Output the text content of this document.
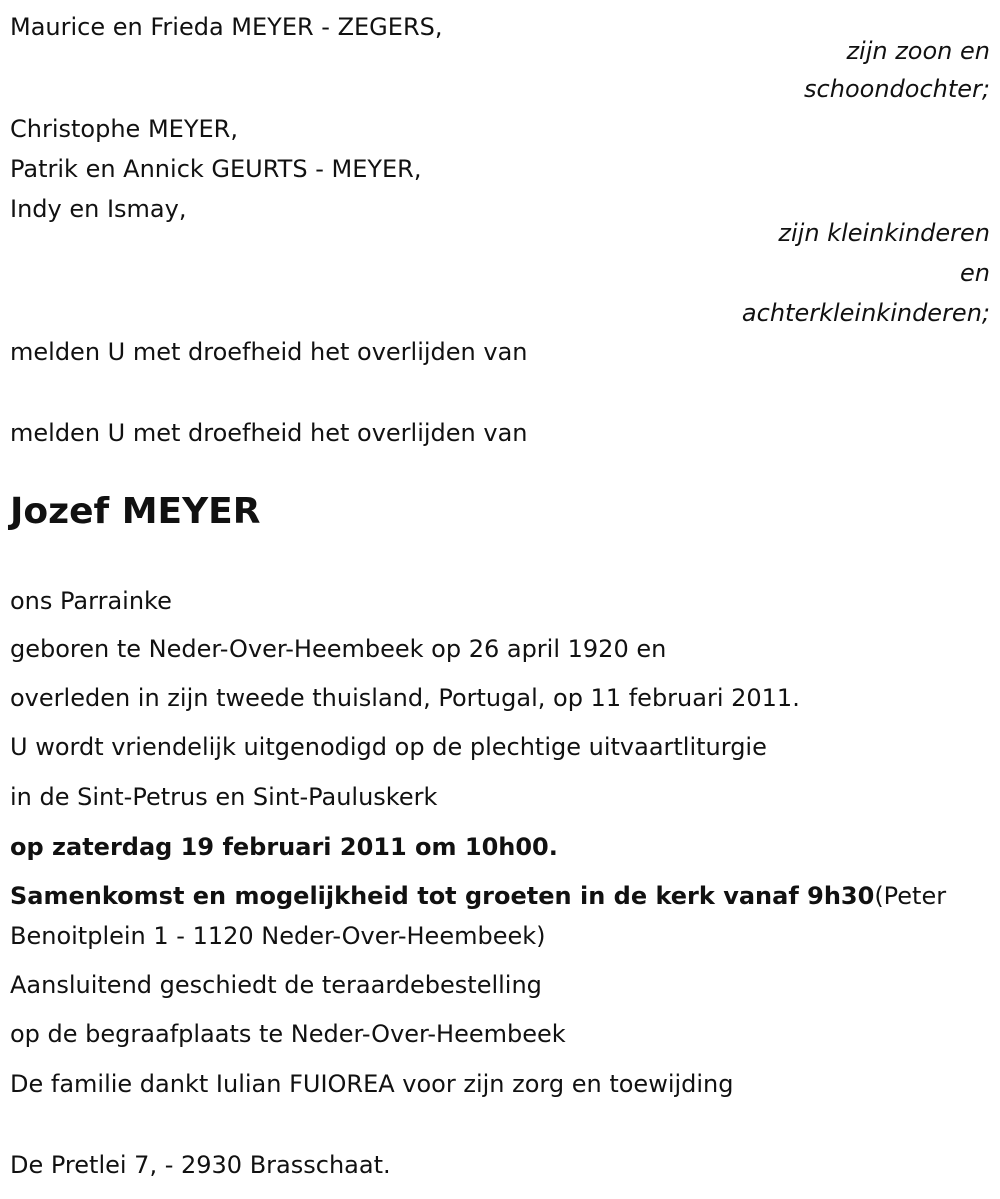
Maurice en Frieda MEYER - ZEGERS,

zijn zoon en

schoondochter;

Christophe MEYER,

Patrik en Annick GEURTS - MEYER,

Indy en Ismay,

zijn kleinkinderen

en

achterkleinkinderen;

melden U met droefheid het overlijden van

melden U met droefheid het overlijden van

Jozef MEYER

ons Parrainke

geboren te Neder-Over-Heembeek op 26 april 1920 en

overleden in zijn tweede thuisland, Portugal, op 11 februari 2011.

U wordt vriendelijk uitgenodigd op de plechtige uitvaartliturgie

in de Sint-Petrus en Sint-Pauluskerk

op zaterdag 19 februari 2011 om 10h00.

Samenkomst en mogelijkheid tot groeten in de kerk vanaf 9h30(Peter Benoitplein 1 - 1120 Neder-Over-Heembeek)

Aansluitend geschiedt de teraardebestelling

op de begraafplaats te Neder-Over-Heembeek

De familie dankt Iulian FUIOREA voor zijn zorg en toewijding

De Pretlei 7, - 2930 Brasschaat.
